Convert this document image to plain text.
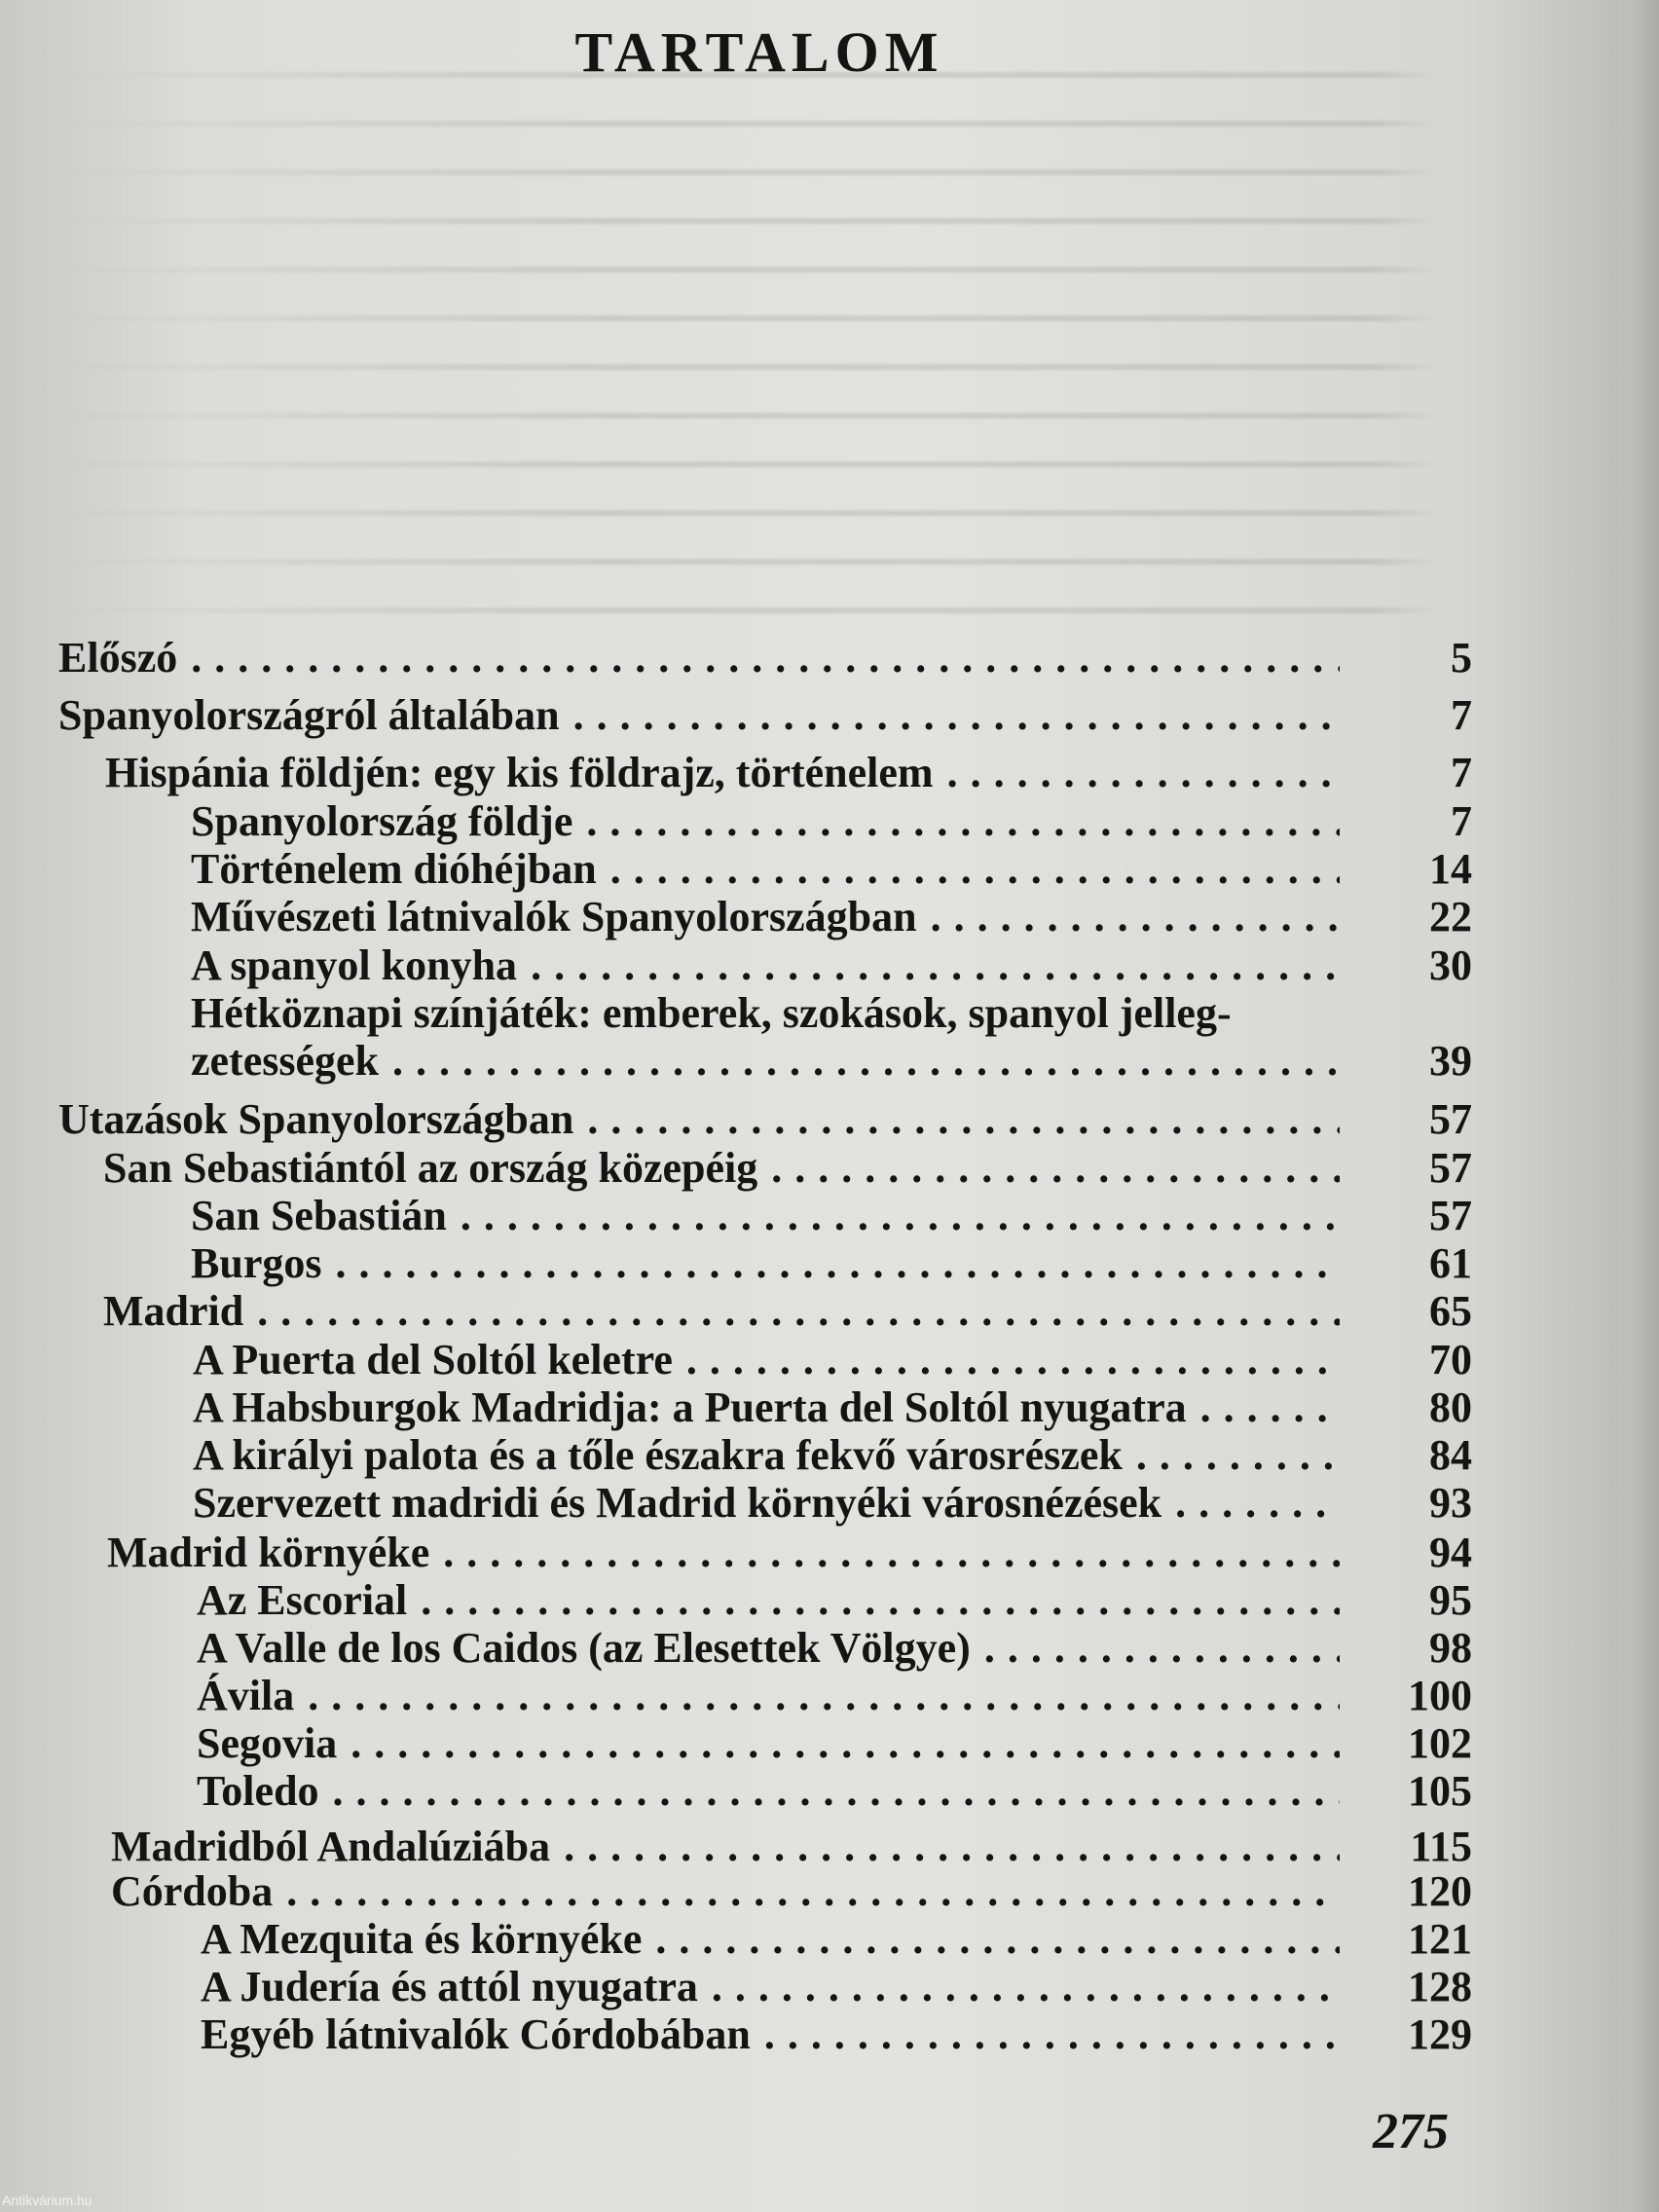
TARTALOM
Előszó . . .	5
Spanyolországról általában . . .	7
Hispánia földjén: egy kis földrajz, történelem . . .	7
Spanyolország földje . . .	7
Történelem dióhéjban . . .	14
Művészeti látnivalók Spanyolországban . . .	22
A spanyol konyha . . .	30
Hétköznapi színjáték: emberek, szokások, spanyol jelleg-
zetességek . . .	39
Utazások Spanyolországban . . .	57
San Sebastiántól az ország közepéig . . .	57
San Sebastián . . .	57
Burgos . . .	61
Madrid . . .	65
A Puerta del Soltól keletre . . .	70
A Habsburgok Madridja: a Puerta del Soltól nyugatra . . .	80
A királyi palota és a tőle északra fekvő városrészek . . .	84
Szervezett madridi és Madrid környéki városnézések . . .	93
Madrid környéke . . .	94
Az Escorial . . .	95
A Valle de los Caidos (az Elesettek Völgye) . . .	98
Ávila . . .	100
Segovia . . .	102
Toledo . . .	105
Madridból Andalúziába . . .	115
Córdoba . . .	120
A Mezquita és környéke . . .	121
A Judería és attól nyugatra . . .	128
Egyéb látnivalók Córdobában . . .	129
275
Antikvárium.hu
